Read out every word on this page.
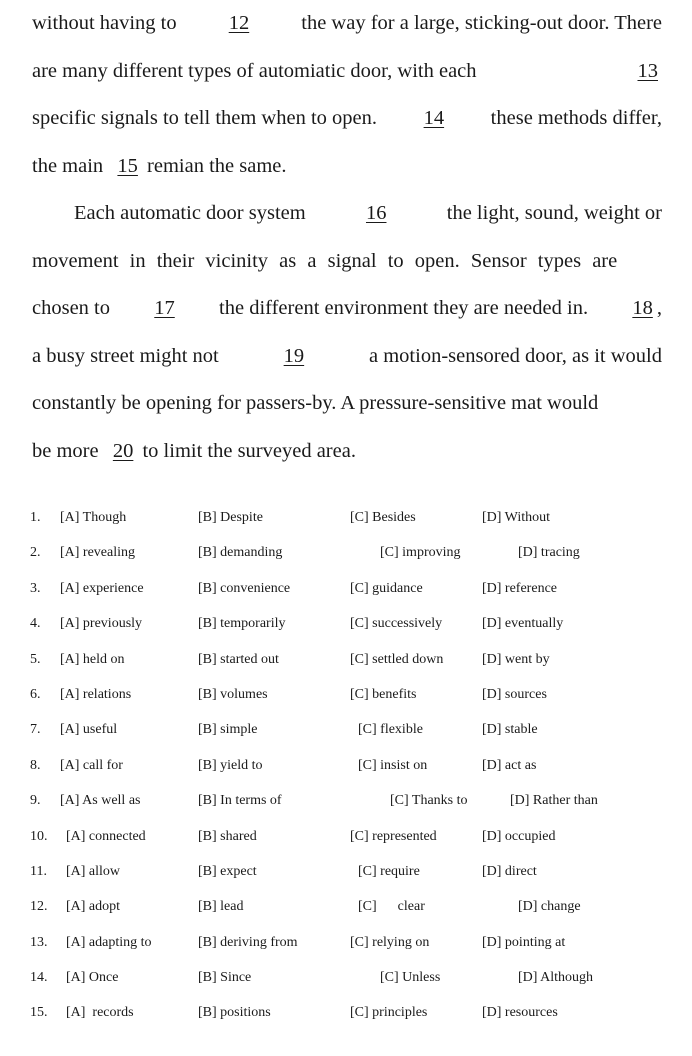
without having to	12	the way for a large, sticking-out door. There
are many different types of automiatic door, with each	13
specific signals to tell them when to open. 14 these methods differ,
the main
15
remian the same.
Each automatic door system	16	the light, sound, weight or
movement in their vicinity as a signal to open. Sensor types are
chosen to 17 the different environment they are needed in. 18 ,
a busy street might not	19	a motion-sensored door, as it would
constantly be opening for passers-by. A pressure-sensitive mat would
be more
20
to limit the surveyed area.
1. [A] Though	[B] Despite	[C] Besides	[D] Without
2. [A] revealing	[B] demanding	[C] improving	[D] tracing
3. [A] experience	[B] convenience	[C] guidance	[D] reference
4. [A] previously	[B] temporarily	[C] successively	[D] eventually
5. [A] held on	[B] started out	[C] settled down	[D] went by
6. [A] relations	[B] volumes	[C] benefits	[D] sources
7. [A] useful	[B] simple	[C] flexible	[D] stable
8. [A] call for	[B] yield to	[C] insist on	[D] act as
9. [A] As well as	[B] In terms of	[C] Thanks to	[D] Rather than
10. [A] connected	[B] shared	[C] represented	[D] occupied
11. [A] allow	[B] expect	[C] require	[D] direct
12. [A] adopt	[B] lead	[C]      clear	[D] change
13. [A] adapting to	[B] deriving from	[C] relying on	[D] pointing at
14. [A] Once	[B] Since	[C] Unless	[D] Although
15. [A]  records	[B] positions	[C] principles	[D] resources
